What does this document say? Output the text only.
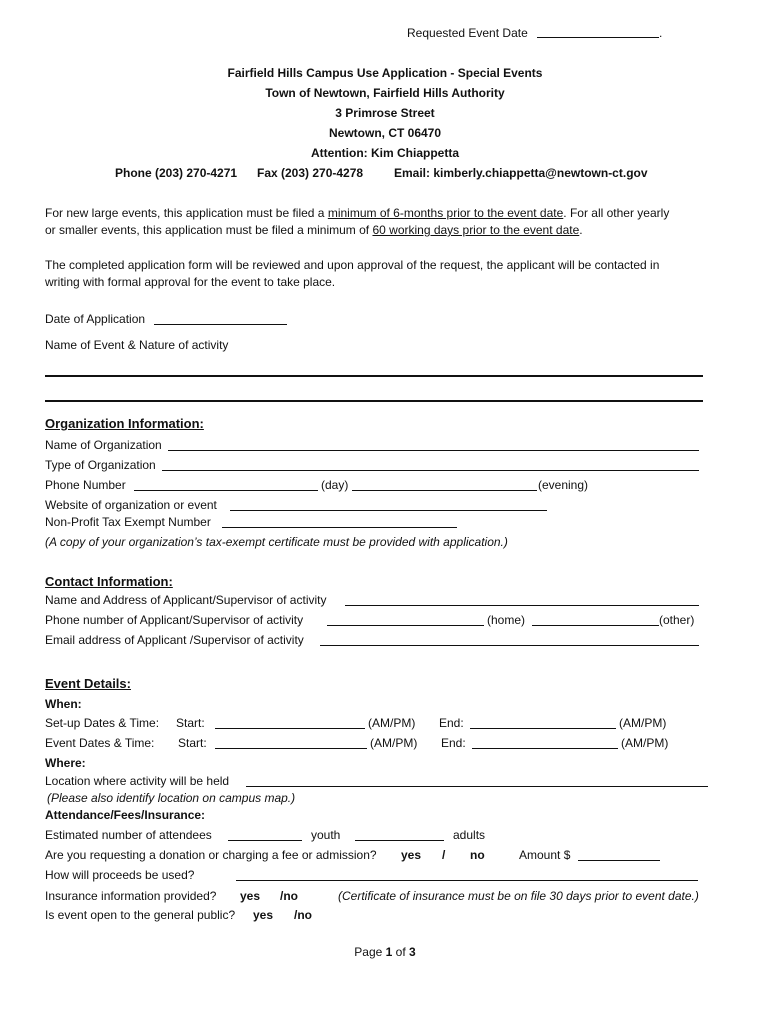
Requested Event Date	.
Fairfield Hills Campus Use Application - Special Events
Town of Newtown, Fairfield Hills Authority
3 Primrose Street
Newtown, CT 06470
Attention: Kim Chiappetta
Phone (203) 270-4271 Fax (203) 270-4278	Email: kimberly.chiappetta@newtown-ct.gov
For new large events, this application must be filed a minimum of 6-months prior to the event date. For all other yearly
or smaller events, this application must be filed a minimum of 60 working days prior to the event date.
The completed application form will be reviewed and upon approval of the request, the applicant will be contacted in
writing with formal approval for the event to take place.
Date of Application
Name of Event & Nature of activity
Organization Information:
Name of Organization
Type of Organization
Phone Number	(day)	(evening)
Website of organization or event
Non-Profit Tax Exempt Number
(A copy of your organization’s tax-exempt certificate must be provided with application.)
Contact Information:
Name and Address of Applicant/Supervisor of activity
Phone number of Applicant/Supervisor of activity	(home)	(other)
Email address of Applicant /Supervisor of activity
Event Details:
When:
Set-up Dates & Time: Start:	(AM/PM) End:	(AM/PM)
Event Dates & Time: Start:	(AM/PM) End:	(AM/PM)
Where:
Location where activity will be held
(Please also identify location on campus map.)
Attendance/Fees/Insurance:
Estimated number of attendees	youth	adults
Are you requesting a donation or charging a fee or admission? yes / no	Amount $
How will proceeds be used?
Insurance information provided? yes /no	(Certificate of insurance must be on file 30 days prior to event date.)
Is event open to the general public? yes /no
Page 1 of 3
